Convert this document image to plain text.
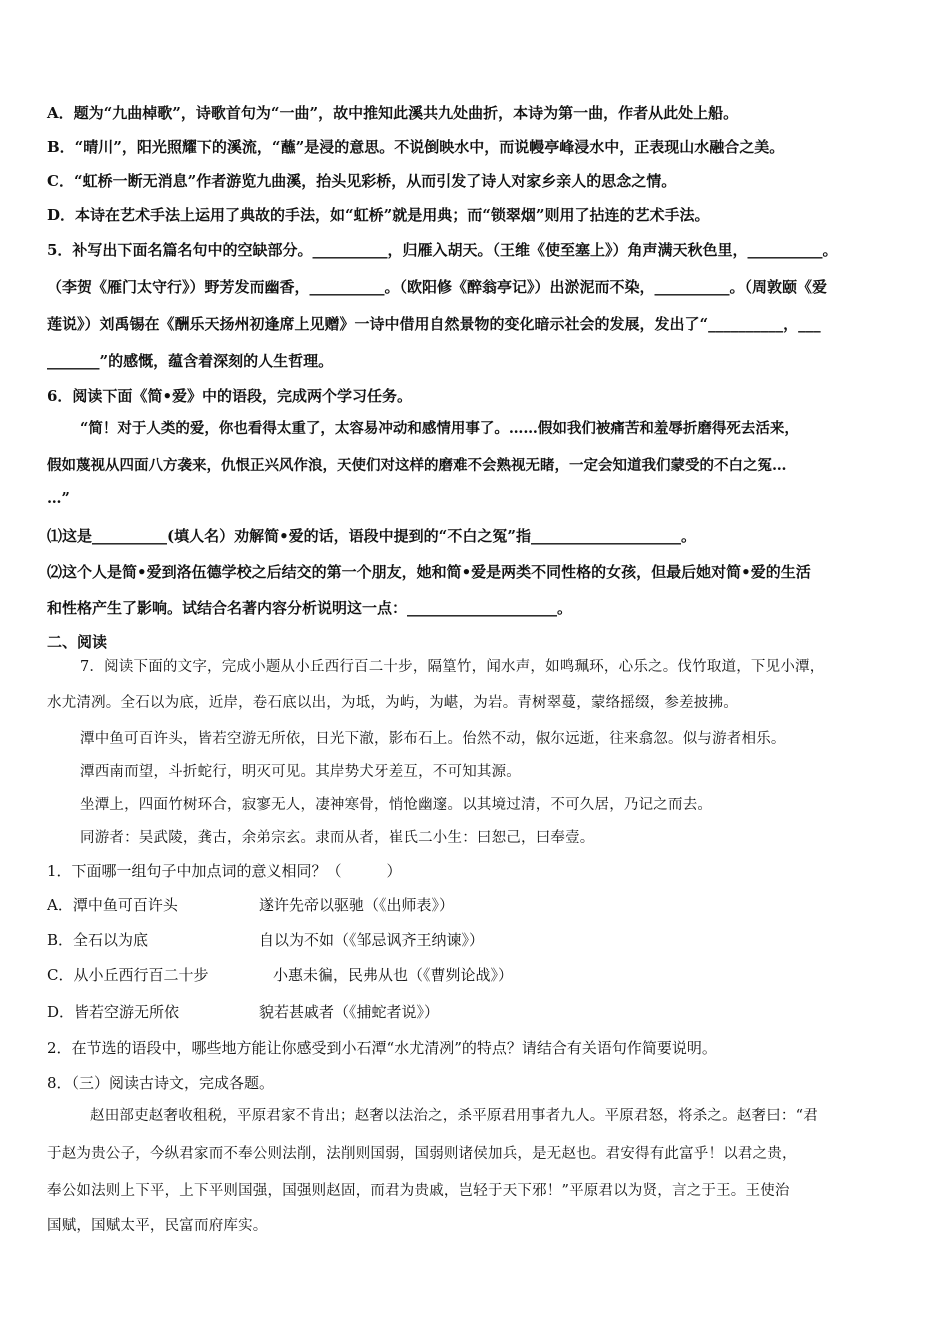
A．题为“九曲棹歌”，诗歌首句为“一曲”，故中推知此溪共九处曲折，本诗为第一曲，作者从此处上船。
B．“晴川”，阳光照耀下的溪流，“蘸”是浸的意思。不说倒映水中，而说幔亭峰浸水中，正表现山水融合之美。
C．“虹桥一断无消息”作者游览九曲溪，抬头见彩桥，从而引发了诗人对家乡亲人的思念之情。
D．本诗在艺术手法上运用了典故的手法，如“虹桥”就是用典；而“锁翠烟”则用了拈连的艺术手法。
5．补写出下面名篇名句中的空缺部分。__________，归雁入胡天。（王维《使至塞上》）角声满天秋色里，__________。
（李贺《雁门太守行》）野芳发而幽香，__________。（欧阳修《醉翁亭记》）出淤泥而不染，__________。（周敦颐《爱
莲说》）刘禹锡在《酬乐天扬州初逢席上见赠》一诗中借用自然景物的变化暗示社会的发展，发出了“__________，___
_______”的感慨，蕴含着深刻的人生哲理。
6．阅读下面《简•爱》中的语段，完成两个学习任务。
“简！对于人类的爱，你也看得太重了，太容易冲动和感情用事了。……假如我们被痛苦和羞辱折磨得死去活来，
假如蔑视从四面八方袭来，仇恨正兴风作浪，天使们对这样的磨难不会熟视无睹，一定会知道我们蒙受的不白之冤…
…”
⑴这是__________(填人名）劝解简•爱的话，语段中提到的“不白之冤”指____________________。
⑵这个人是简•爱到洛伍德学校之后结交的第一个朋友，她和简•爱是两类不同性格的女孩，但最后她对简•爱的生活
和性格产生了影响。试结合名著内容分析说明这一点：____________________。
二、阅读
7．阅读下面的文字，完成小题从小丘西行百二十步，隔篁竹，闻水声，如鸣珮环，心乐之。伐竹取道，下见小潭，
水尤清冽。全石以为底，近岸，卷石底以出，为坻，为屿，为嵁，为岩。青树翠蔓，蒙络摇缀，参差披拂。
潭中鱼可百许头，皆若空游无所依，日光下澈，影布石上。佁然不动，俶尔远逝，往来翕忽。似与游者相乐。
潭西南而望，斗折蛇行，明灭可见。其岸势犬牙差互，不可知其源。
坐潭上，四面竹树环合，寂寥无人，凄神寒骨，悄怆幽邃。以其境过清，不可久居，乃记之而去。
同游者：吴武陵，龚古，余弟宗玄。隶而从者，崔氏二小生：曰恕己，曰奉壹。
1．下面哪一组句子中加点词的意义相同？（　　　）
A．潭中鱼可百许头	遂许先帝以驱驰（《出师表》）
B．全石以为底	自以为不如（《邹忌讽齐王纳谏》）
C．从小丘西行百二十步	小惠未徧，民弗从也（《曹刿论战》）
D．皆若空游无所依	貌若甚戚者（《捕蛇者说》）
2．在节选的语段中，哪些地方能让你感受到小石潭“水尤清冽”的特点？请结合有关语句作简要说明。
8．（三）阅读古诗文，完成各题。
赵田部吏赵奢收租税，平原君家不肯出；赵奢以法治之，杀平原君用事者九人。平原君怒，将杀之。赵奢曰：“君
于赵为贵公子，今纵君家而不奉公则法削，法削则国弱，国弱则诸侯加兵，是无赵也。君安得有此富乎！以君之贵，
奉公如法则上下平，上下平则国强，国强则赵固，而君为贵戚，岂轻于天下邪！”平原君以为贤，言之于王。王使治
国赋，国赋太平，民富而府库实。
